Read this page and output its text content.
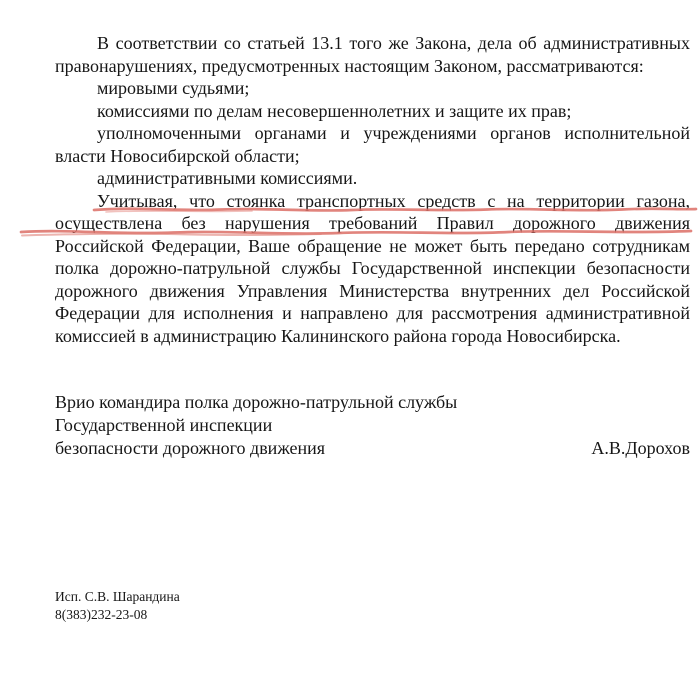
В соответствии со статьей 13.1 того же Закона, дела об административных
правонарушениях, предусмотренных настоящим Законом, рассматриваются:
мировыми судьями;
комиссиями по делам несовершеннолетних и защите их прав;
уполномоченными органами и учреждениями органов исполнительной
власти Новосибирской области;
административными комиссиями.
Учитывая, что стоянка транспортных средств с на территории газона,
осуществлена без нарушения требований Правил дорожного движения
Российской Федерации, Ваше обращение не может быть передано сотрудникам
полка дорожно-патрульной службы Государственной инспекции безопасности
дорожного движения Управления Министерства внутренних дел Российской
Федерации для исполнения и направлено для рассмотрения административной
комиссией в администрацию Калининского района города Новосибирска.
Врио командира полка дорожно-патрульной службы
Государственной инспекции
безопасности дорожного движения	А.В.Дорохов
Исп. С.В. Шарандина
8(383)232-23-08
